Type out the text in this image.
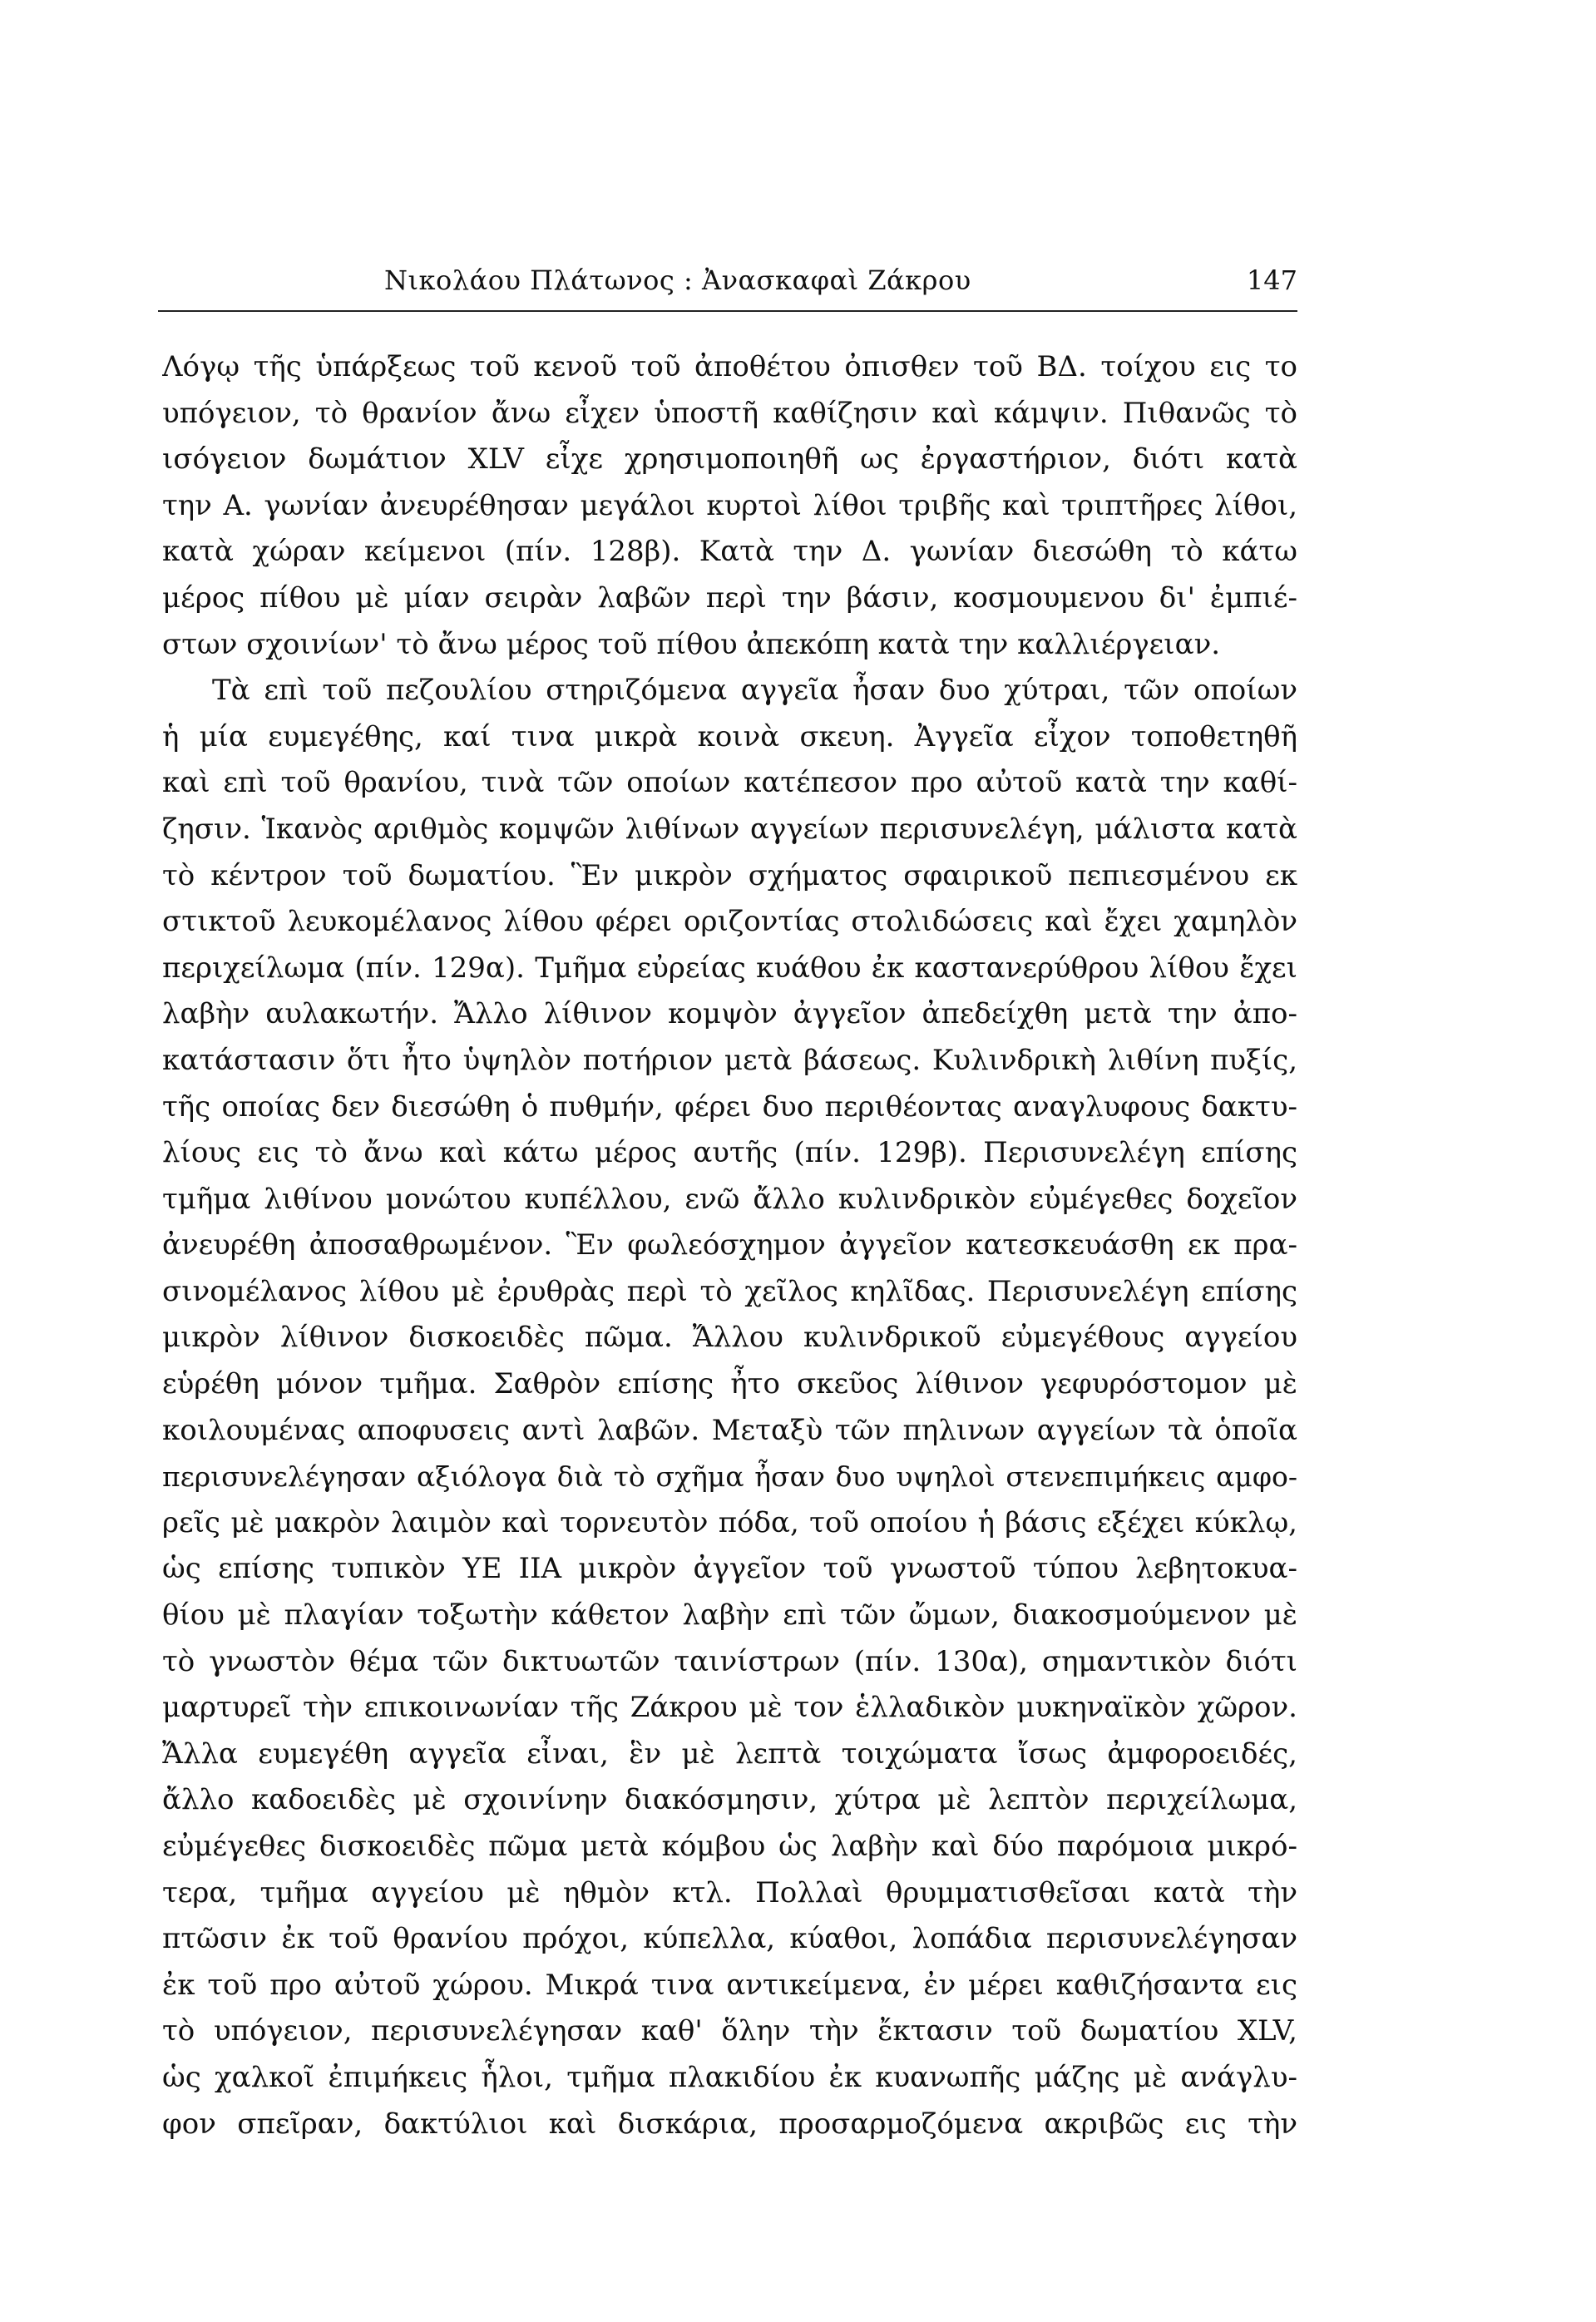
Νικολάου Πλάτωνος : Ἀνασκαφαὶ Ζάκρου	147
Λόγῳ τῆς ὑπάρξεως τοῦ κενοῦ τοῦ ἀποθέτου ὀπισθεν τοῦ ΒΔ. τοίχου εις το
υπόγειον, τὸ θρανίον ἄνω εἶχεν ὑποστῆ καθίζησιν καὶ κάμψιν. Πιθανῶς τὸ
ισόγειον δωμάτιον XLV εἶχε χρησιμοποιηθῆ ως ἐργαστήριον, διότι κατὰ
την Α. γωνίαν ἀνευρέθησαν μεγάλοι κυρτοὶ λίθοι τριβῆς καὶ τριπτῆρες λίθοι,
κατὰ χώραν κείμενοι (πίν. 128β). Κατὰ την Δ. γωνίαν διεσώθη τὸ κάτω
μέρος πίθου μὲ μίαν σειρὰν λαβῶν περὶ την βάσιν, κοσμουμενου δι' ἐμπιέ-
στων σχοινίων' τὸ ἄνω μέρος τοῦ πίθου ἀπεκόπη κατὰ την καλλιέργειαν.
Τὰ επὶ τοῦ πεζουλίου στηριζόμενα αγγεῖα ἦσαν δυο χύτραι, τῶν οποίων
ἡ μία ευμεγέθης, καί τινα μικρὰ κοινὰ σκευη. Ἀγγεῖα εἶχον τοποθετηθῆ
καὶ επὶ τοῦ θρανίου, τινὰ τῶν οποίων κατέπεσον προ αὐτοῦ κατὰ την καθί-
ζησιν. Ἱκανὸς αριθμὸς κομψῶν λιθίνων αγγείων περισυνελέγη, μάλιστα κατὰ
τὸ κέντρον τοῦ δωματίου. Ἓν μικρὸν σχήματος σφαιρικοῦ πεπιεσμένου εκ
στικτοῦ λευκομέλανος λίθου φέρει οριζοντίας στολιδώσεις καὶ ἔχει χαμηλὸν
περιχείλωμα (πίν. 129α). Τμῆμα εὐρείας κυάθου ἐκ καστανερύθρου λίθου ἔχει
λαβὴν αυλακωτήν. Ἄλλο λίθινον κομψὸν ἀγγεῖον ἀπεδείχθη μετὰ την ἀπο-
κατάστασιν ὅτι ἦτο ὑψηλὸν ποτήριον μετὰ βάσεως. Κυλινδρικὴ λιθίνη πυξίς,
τῆς οποίας δεν διεσώθη ὁ πυθμήν, φέρει δυο περιθέοντας αναγλυφους δακτυ-
λίους εις τὸ ἄνω καὶ κάτω μέρος αυτῆς (πίν. 129β). Περισυνελέγη επίσης
τμῆμα λιθίνου μονώτου κυπέλλου, ενῶ ἄλλο κυλινδρικὸν εὐμέγεθες δοχεῖον
ἀνευρέθη ἀποσαθρωμένον. Ἓν φωλεόσχημον ἀγγεῖον κατεσκευάσθη εκ πρα-
σινομέλανος λίθου μὲ ἐρυθρὰς περὶ τὸ χεῖλος κηλῖδας. Περισυνελέγη επίσης
μικρὸν λίθινον δισκοειδὲς πῶμα. Ἄλλου κυλινδρικοῦ εὐμεγέθους αγγείου
εὑρέθη μόνον τμῆμα. Σαθρὸν επίσης ἦτο σκεῦος λίθινον γεφυρόστομον μὲ
κοιλουμένας αποφυσεις αντὶ λαβῶν. Μεταξὺ τῶν πηλινων αγγείων τὰ ὁποῖα
περισυνελέγησαν αξιόλογα διὰ τὸ σχῆμα ἦσαν δυο υψηλοὶ στενεπιμήκεις αμφο-
ρεῖς μὲ μακρὸν λαιμὸν καὶ τορνευτὸν πόδα, τοῦ οποίου ἡ βάσις εξέχει κύκλῳ,
ὡς επίσης τυπικὸν ΥΕ ΙΙΑ μικρὸν ἀγγεῖον τοῦ γνωστοῦ τύπου λεβητοκυα-
θίου μὲ πλαγίαν τοξωτὴν κάθετον λαβὴν επὶ τῶν ὤμων, διακοσμούμενον μὲ
τὸ γνωστὸν θέμα τῶν δικτυωτῶν ταινίστρων (πίν. 130α), σημαντικὸν διότι
μαρτυρεῖ τὴν επικοινωνίαν τῆς Ζάκρου μὲ τον ἑλλαδικὸν μυκηναϊκὸν χῶρον.
Ἄλλα ευμεγέθη αγγεῖα εἶναι, ἓν μὲ λεπτὰ τοιχώματα ἴσως ἀμφοροειδές,
ἄλλο καδοειδὲς μὲ σχοινίνην διακόσμησιν, χύτρα μὲ λεπτὸν περιχείλωμα,
εὐμέγεθες δισκοειδὲς πῶμα μετὰ κόμβου ὡς λαβὴν καὶ δύο παρόμοια μικρό-
τερα, τμῆμα αγγείου μὲ ηθμὸν κτλ. Πολλαὶ θρυμματισθεῖσαι κατὰ τὴν
πτῶσιν ἐκ τοῦ θρανίου πρόχοι, κύπελλα, κύαθοι, λοπάδια περισυνελέγησαν
ἐκ τοῦ προ αὐτοῦ χώρου. Μικρά τινα αντικείμενα, ἐν μέρει καθιζήσαντα εις
τὸ υπόγειον, περισυνελέγησαν καθ' ὅλην τὴν ἔκτασιν τοῦ δωματίου XLV,
ὡς χαλκοῖ ἐπιμήκεις ἧλοι, τμῆμα πλακιδίου ἐκ κυανωπῆς μάζης μὲ ανάγλυ-
φον σπεῖραν, δακτύλιοι καὶ δισκάρια, προσαρμοζόμενα ακριβῶς εις τὴν
